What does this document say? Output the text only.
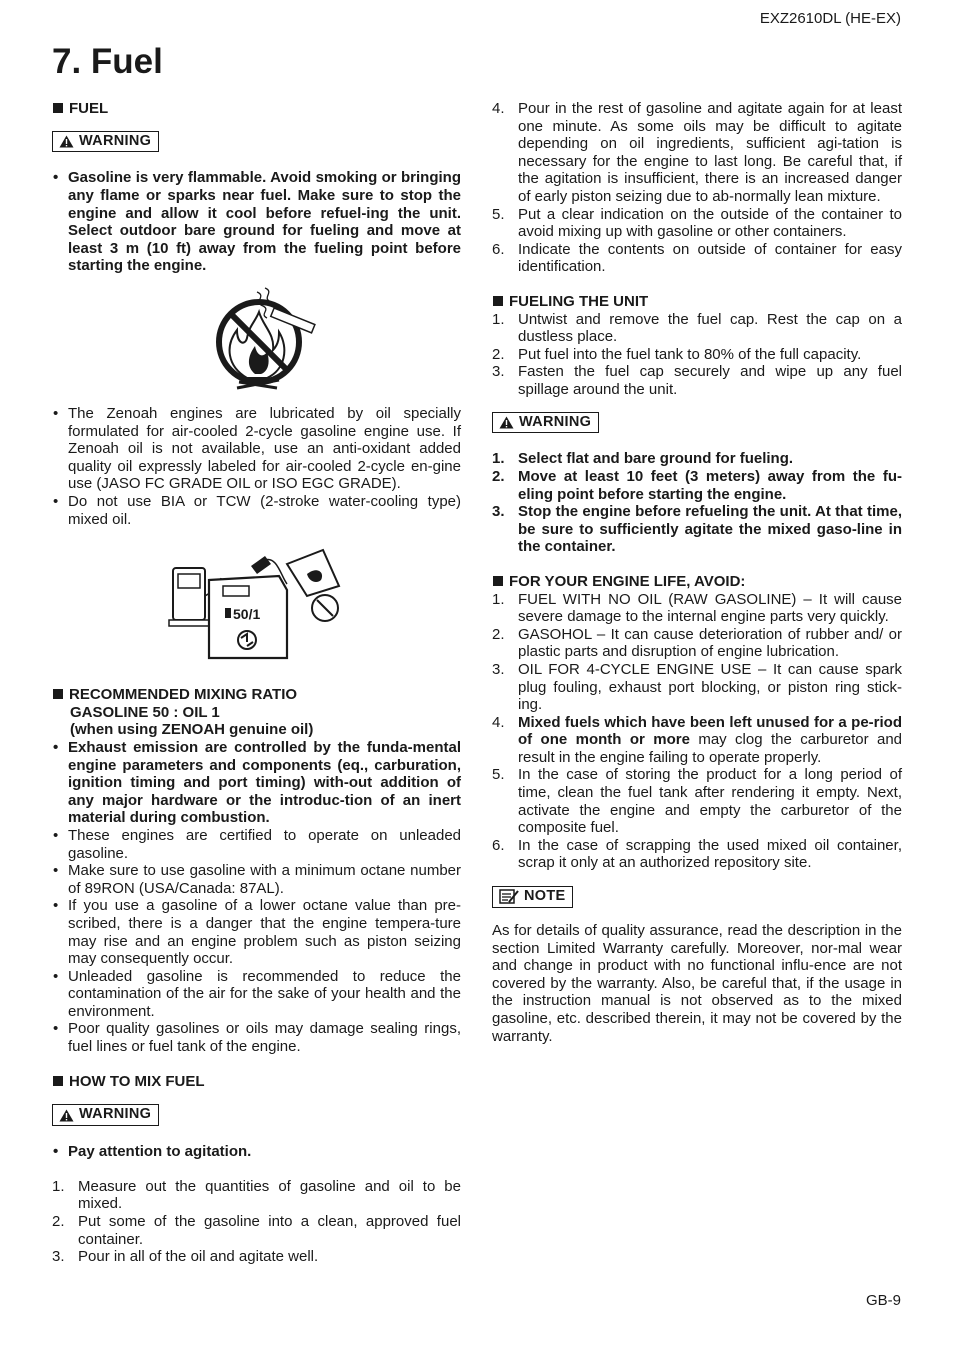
EXZ2610DL (HE-EX)
7. Fuel
FUEL
WARNING
• Gasoline is very flammable. Avoid smoking or bringing any flame or sparks near fuel. Make sure to stop the engine and allow it cool before refuel-ing the unit. Select outdoor bare ground for fueling and move at least 3 m (10 ft) away from the fueling point before starting the engine.
• The Zenoah engines are lubricated by oil specially formulated for air-cooled 2-cycle gasoline engine use. If Zenoah oil is not available, use an anti-oxidant added quality oil expressly labeled for air-cooled 2-cycle en-gine use (JASO FC GRADE OIL or ISO EGC GRADE).
• Do not use BIA or TCW (2-stroke water-cooling type) mixed oil.
50/1
RECOMMENDED MIXING RATIO
GASOLINE 50 : OIL 1
(when using ZENOAH genuine oil)
• Exhaust emission are controlled by the funda-mental engine parameters and components (eq., carburation, ignition timing and port timing) with-out addition of any major hardware or the introduc-tion of an inert material during combustion.
• These engines are certified to operate on unleaded gasoline.
• Make sure to use gasoline with a minimum octane number of 89RON (USA/Canada: 87AL).
• If you use a gasoline of a lower octane value than pre-scribed, there is a danger that the engine tempera-ture may rise and an engine problem such as piston seizing may consequently occur.
• Unleaded gasoline is recommended to reduce the contamination of the air for the sake of your health and the environment.
• Poor quality gasolines or oils may damage sealing rings, fuel lines or fuel tank of the engine.
HOW TO MIX FUEL
WARNING
• Pay attention to agitation.
1. Measure out the quantities of gasoline and oil to be mixed.
2. Put some of the gasoline into a clean, approved fuel container.
3. Pour in all of the oil and agitate well.
4. Pour in the rest of gasoline and agitate again for at least one minute. As some oils may be difficult to agitate depending on oil ingredients, sufficient agi-tation is necessary for the engine to last long. Be careful that, if the agitation is insufficient, there is an increased danger of early piston seizing due to ab-normally lean mixture.
5. Put a clear indication on the outside of the container to avoid mixing up with gasoline or other containers.
6. Indicate the contents on outside of container for easy identification.
FUELING THE UNIT
1. Untwist and remove the fuel cap. Rest the cap on a dustless place.
2. Put fuel into the fuel tank to 80% of the full capacity.
3. Fasten the fuel cap securely and wipe up any fuel spillage around the unit.
WARNING
1. Select flat and bare ground for fueling.
2. Move at least 10 feet (3 meters) away from the fu-eling point before starting the engine.
3. Stop the engine before refueling the unit. At that time, be sure to sufficiently agitate the mixed gaso-line in the container.
FOR YOUR ENGINE LIFE, AVOID:
1. FUEL WITH NO OIL (RAW GASOLINE) – It will cause severe damage to the internal engine parts very quickly.
2. GASOHOL – It can cause deterioration of rubber and/ or plastic parts and disruption of engine lubrication.
3. OIL FOR 4-CYCLE ENGINE USE – It can cause spark plug fouling, exhaust port blocking, or piston ring stick-ing.
4. Mixed fuels which have been left unused for a pe-riod of one month or more may clog the carburetor and result in the engine failing to operate properly.
5. In the case of storing the product for a long period of time, clean the fuel tank after rendering it empty. Next, activate the engine and empty the carburetor of the composite fuel.
6. In the case of scrapping the used mixed oil container, scrap it only at an authorized repository site.
NOTE

As for details of quality assurance, read the description in the section Limited Warranty carefully. Moreover, nor-mal wear and change in product with no functional influ-ence are not covered by the warranty. Also, be careful that, if the usage in the instruction manual is not observed as to the mixed gasoline, etc. described therein, it may not be covered by the warranty.

GB-9
